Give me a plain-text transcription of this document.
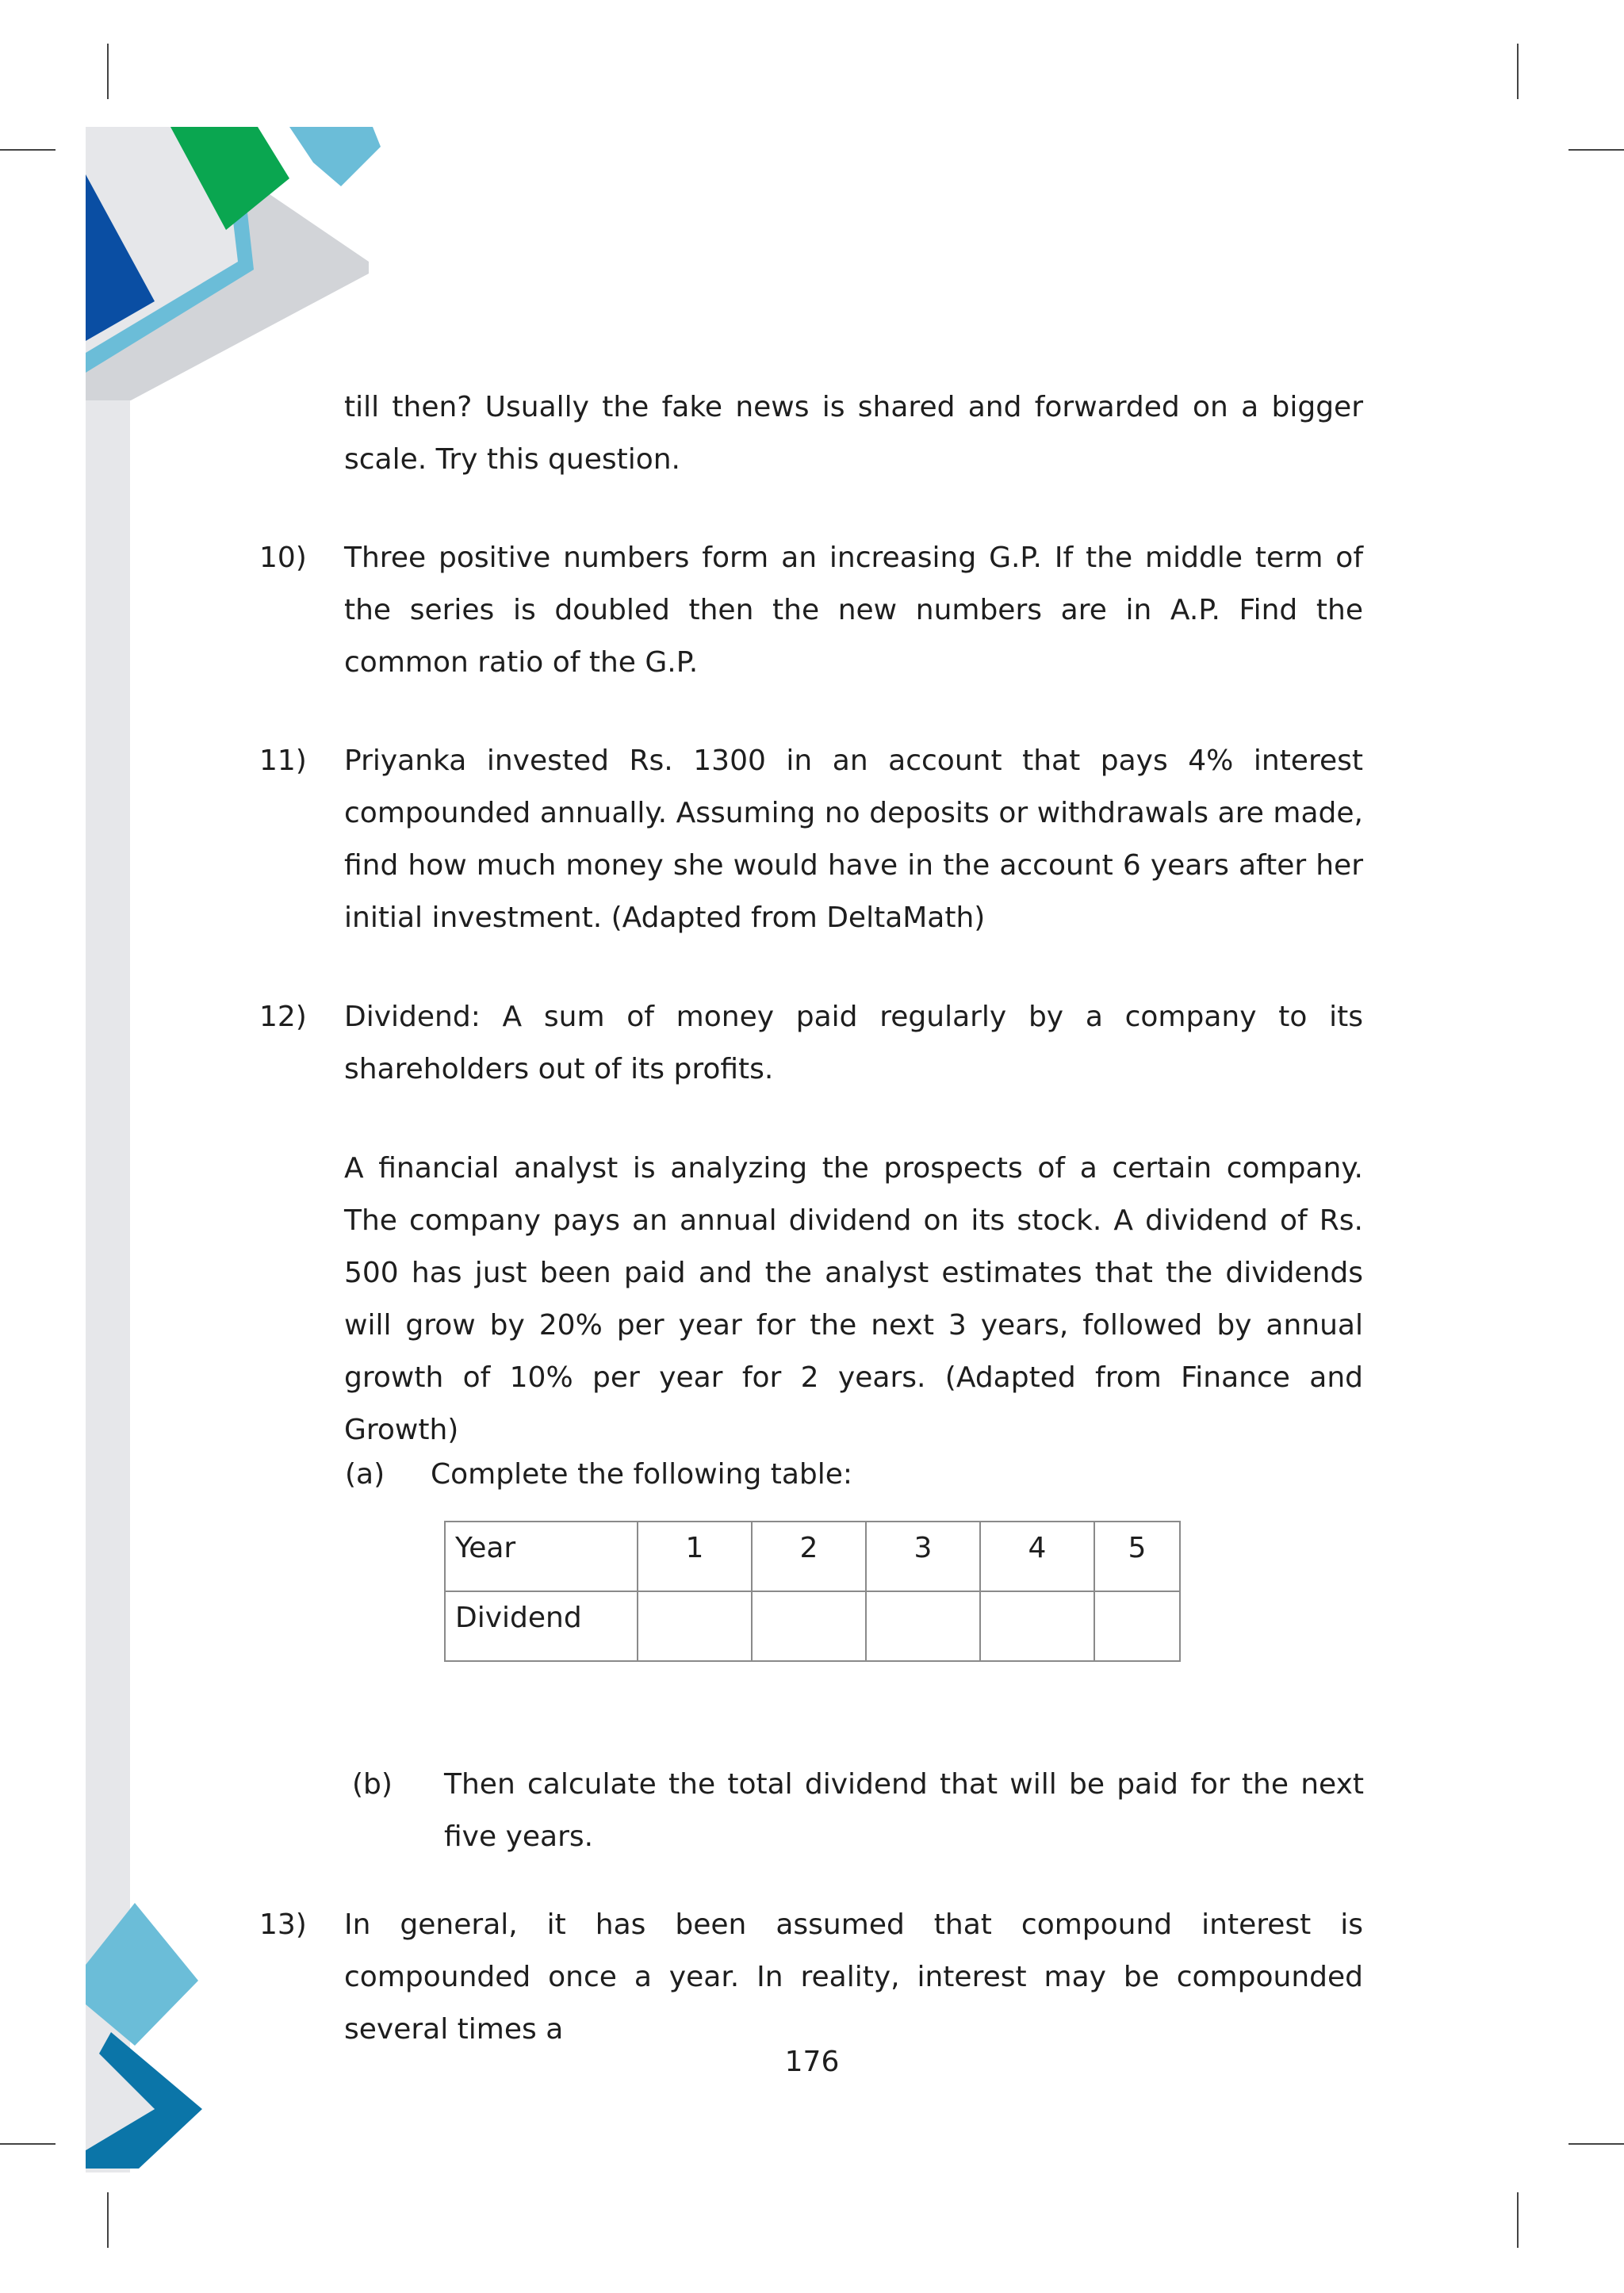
till then? Usually the fake news is shared and forwarded on a bigger scale. Try this question.

10) Three positive numbers form an increasing G.P. If the middle term of the series is doubled then the new numbers are in A.P. Find the common ratio of the G.P.

11) Priyanka invested Rs. 1300 in an account that pays 4% interest compounded annually. Assuming no deposits or withdrawals are made, find how much money she would have in the account 6 years after her initial investment. (Adapted from DeltaMath)

12) Dividend: A sum of money paid regularly by a company to its shareholders out of its profits.

A financial analyst is analyzing the prospects of a certain company. The company pays an annual dividend on its stock. A dividend of Rs. 500 has just been paid and the analyst estimates that the dividends will grow by 20% per year for the next 3 years, followed by annual growth of 10% per year for 2 years. (Adapted from Finance and Growth)

(a) Complete the following table:
Year	1	2	3	4	5
Dividend					
(b) Then calculate the total dividend that will be paid for the next five years.

13) In general, it has been assumed that compound interest is compounded once a year. In reality, interest may be compounded several times a

176
